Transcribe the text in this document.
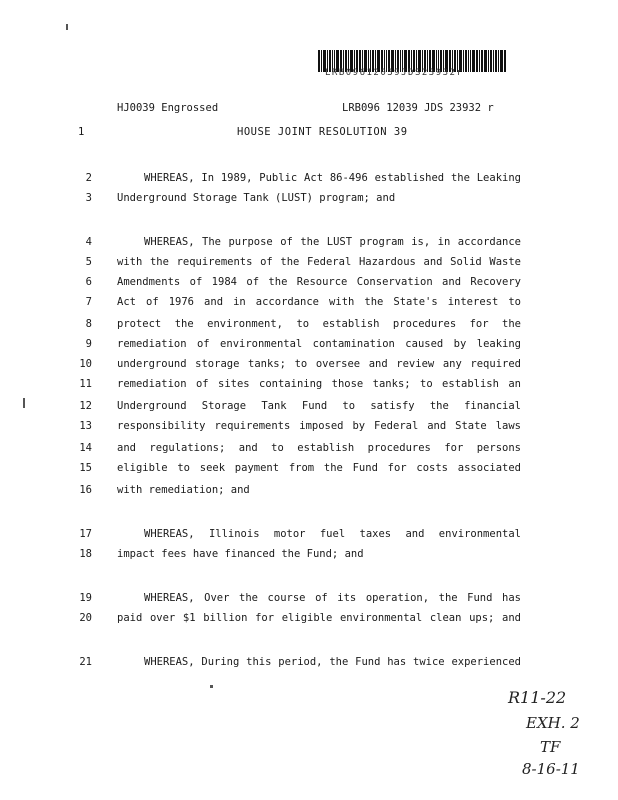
LRB09612039JDS23932r
HJ0039 Engrossed	LRB096 12039 JDS 23932 r
1	HOUSE JOINT RESOLUTION 39
2	WHEREAS, In 1989, Public Act 86-496 established the Leaking
3 Underground Storage Tank (LUST) program; and
4	WHEREAS, The purpose of the LUST program is, in accordance
5 with the requirements of the Federal Hazardous and Solid Waste
6 Amendments of 1984 of the Resource Conservation and Recovery
7 Act of 1976 and in accordance with the State's interest to
8 protect the environment, to establish procedures for the
9 remediation of environmental contamination caused by leaking
10 underground storage tanks; to oversee and review any required
11 remediation of sites containing those tanks; to establish an
12 Underground Storage Tank Fund to satisfy the financial
13 responsibility requirements imposed by Federal and State laws
14 and regulations; and to establish procedures for persons
15 eligible to seek payment from the Fund for costs associated
16 with remediation; and
17	WHEREAS, Illinois motor fuel taxes and environmental
18 impact fees have financed the Fund; and
19	WHEREAS, Over the course of its operation, the Fund has
20 paid over $1 billion for eligible environmental clean ups; and
21	WHEREAS, During this period, the Fund has twice experienced
R11-22
EXH. 2
TF
8-16-11
